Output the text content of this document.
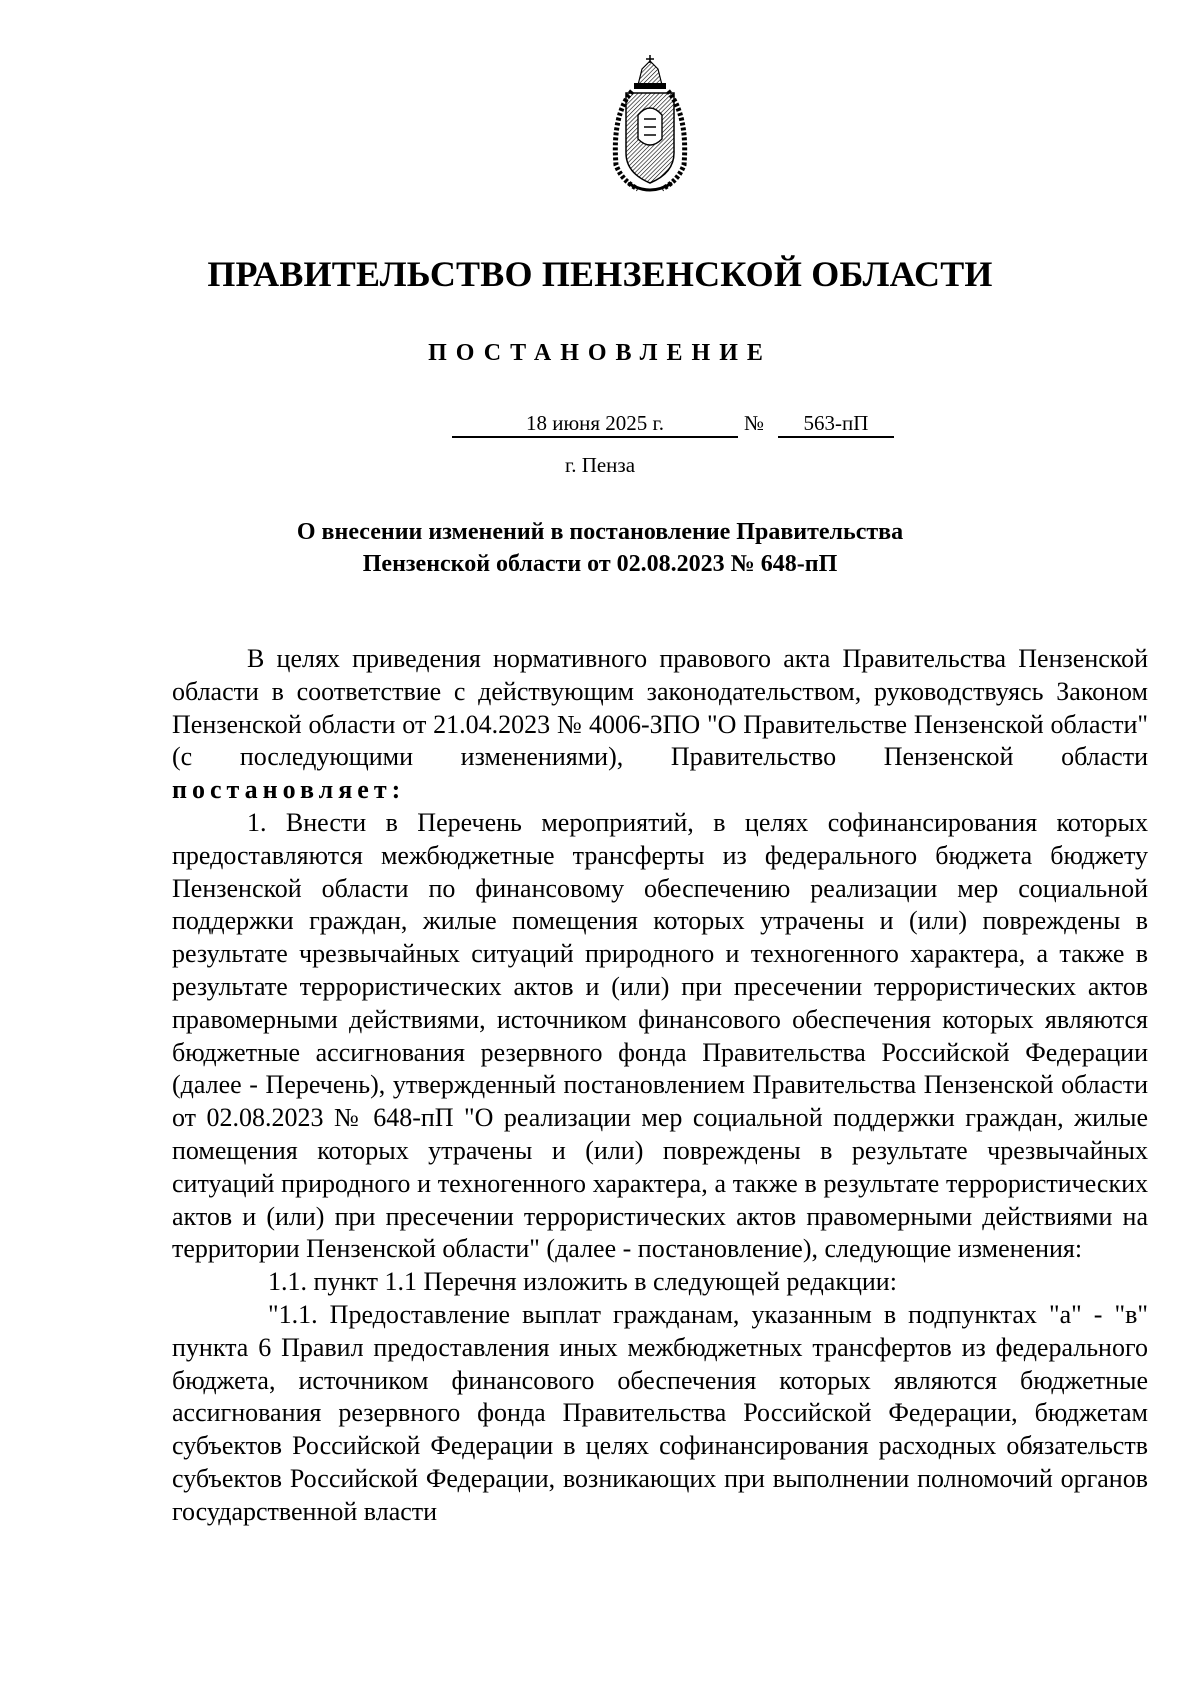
ПРАВИТЕЛЬСТВО ПЕНЗЕНСКОЙ ОБЛАСТИ
ПОСТАНОВЛЕНИЕ
18 июня 2025 г.	№	563-пП
г. Пенза
О внесении изменений в постановление Правительства
Пензенской области от 02.08.2023 № 648-пП

В целях приведения нормативного правового акта Правительства Пензенской области в соответствие с действующим законодательством, руководствуясь Законом Пензенской области от 21.04.2023 № 4006-ЗПО "О Правительстве Пензенской области" (с последующими изменениями), Правительство Пензенской области постановляет:

1. Внести в Перечень мероприятий, в целях софинансирования которых предоставляются межбюджетные трансферты из федерального бюджета бюджету Пензенской области по финансовому обеспечению реализации мер социальной поддержки граждан, жилые помещения которых утрачены и (или) повреждены в результате чрезвычайных ситуаций природного и техногенного характера, а также в результате террористических актов и (или) при пресечении террористических актов правомерными действиями, источником финансового обеспечения которых являются бюджетные ассигнования резервного фонда Правительства Российской Федерации (далее - Перечень), утвержденный постановлением Правительства Пензенской области от 02.08.2023 № 648-пП "О реализации мер социальной поддержки граждан, жилые помещения которых утрачены и (или) повреждены в результате чрезвычайных ситуаций природного и техногенного характера, а также в результате террористических актов и (или) при пресечении террористических актов правомерными действиями на территории Пензенской области" (далее - постановление), следующие изменения:

1.1. пункт 1.1 Перечня изложить в следующей редакции:

"1.1. Предоставление выплат гражданам, указанным в подпунктах "а" - "в" пункта 6 Правил предоставления иных межбюджетных трансфертов из федерального бюджета, источником финансового обеспечения которых являются бюджетные ассигнования резервного фонда Правительства Российской Федерации, бюджетам субъектов Российской Федерации в целях софинансирования расходных обязательств субъектов Российской Федерации, возникающих при выполнении полномочий органов государственной власти
